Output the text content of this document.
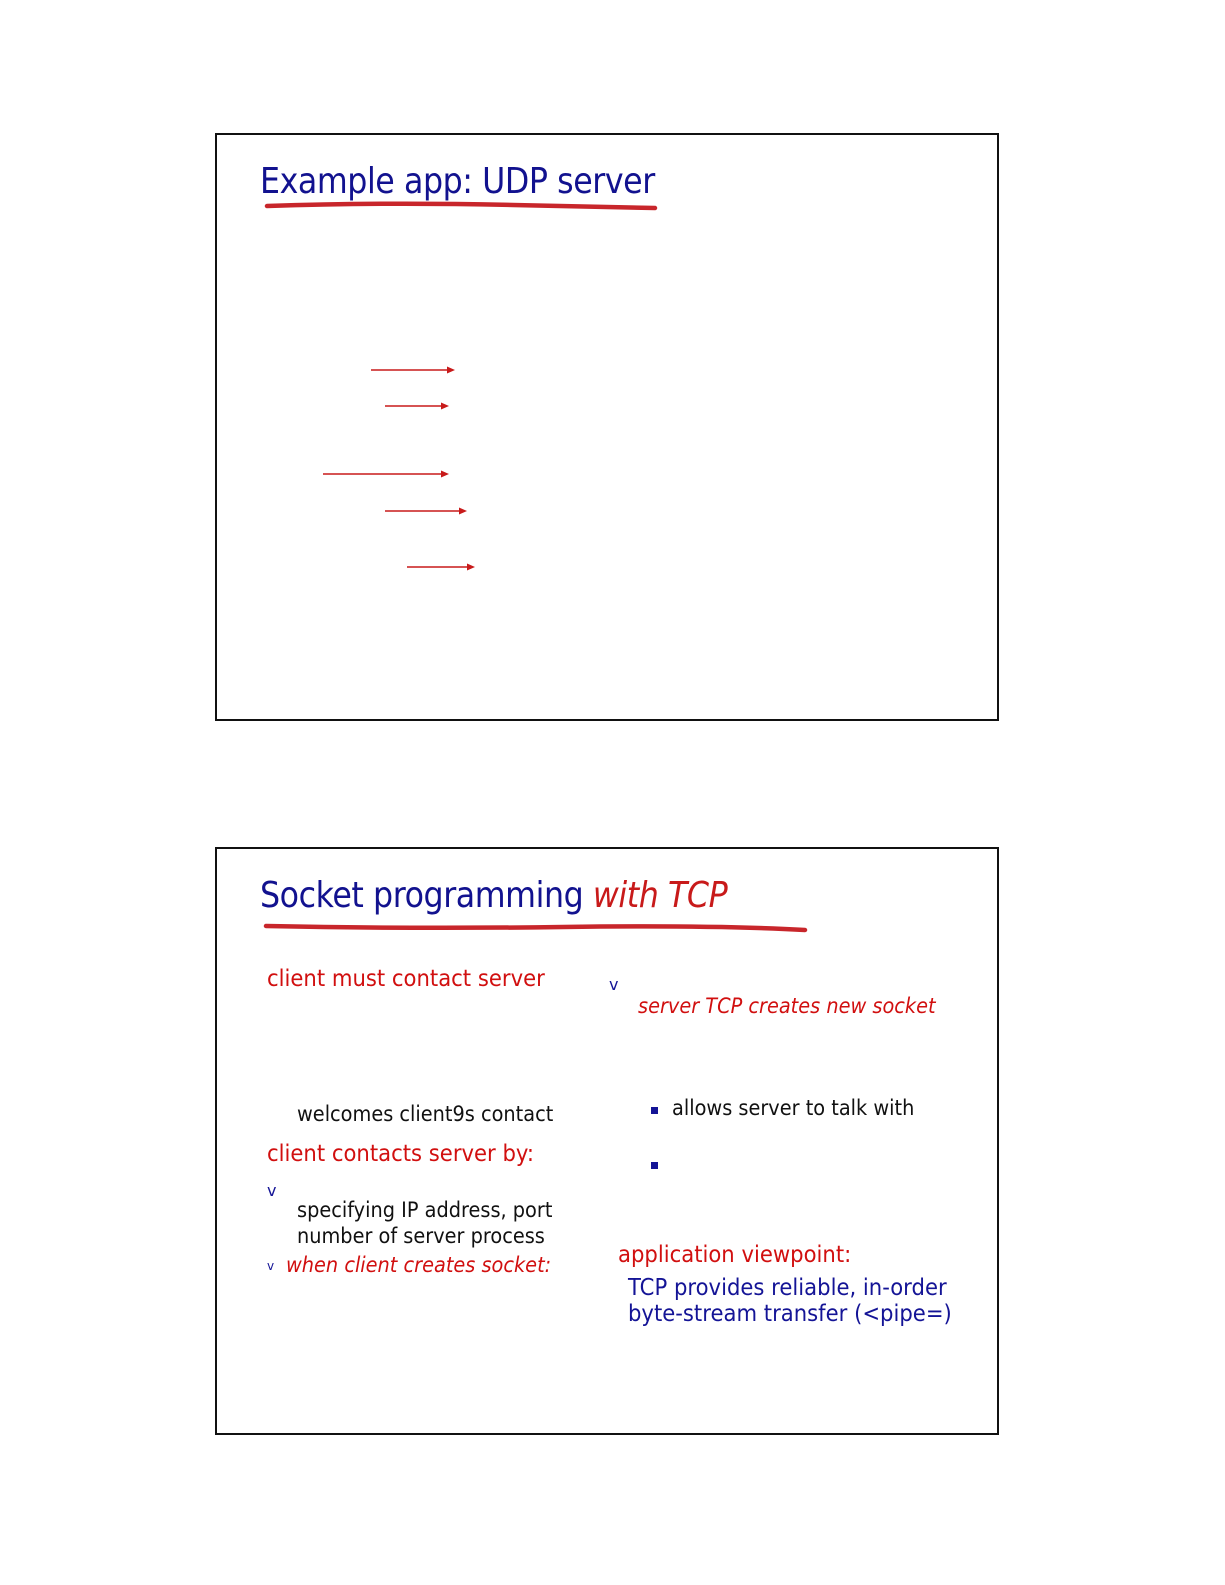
Example app: UDP server
Socket programming with TCP
client must contact server
welcomes client9s contact
client contacts server by:
v
specifying IP address, port
number of server process
v when client creates socket:
v
server TCP creates new socket
allows server to talk with
application viewpoint:
TCP provides reliable, in-order
byte-stream transfer (<pipe=)
